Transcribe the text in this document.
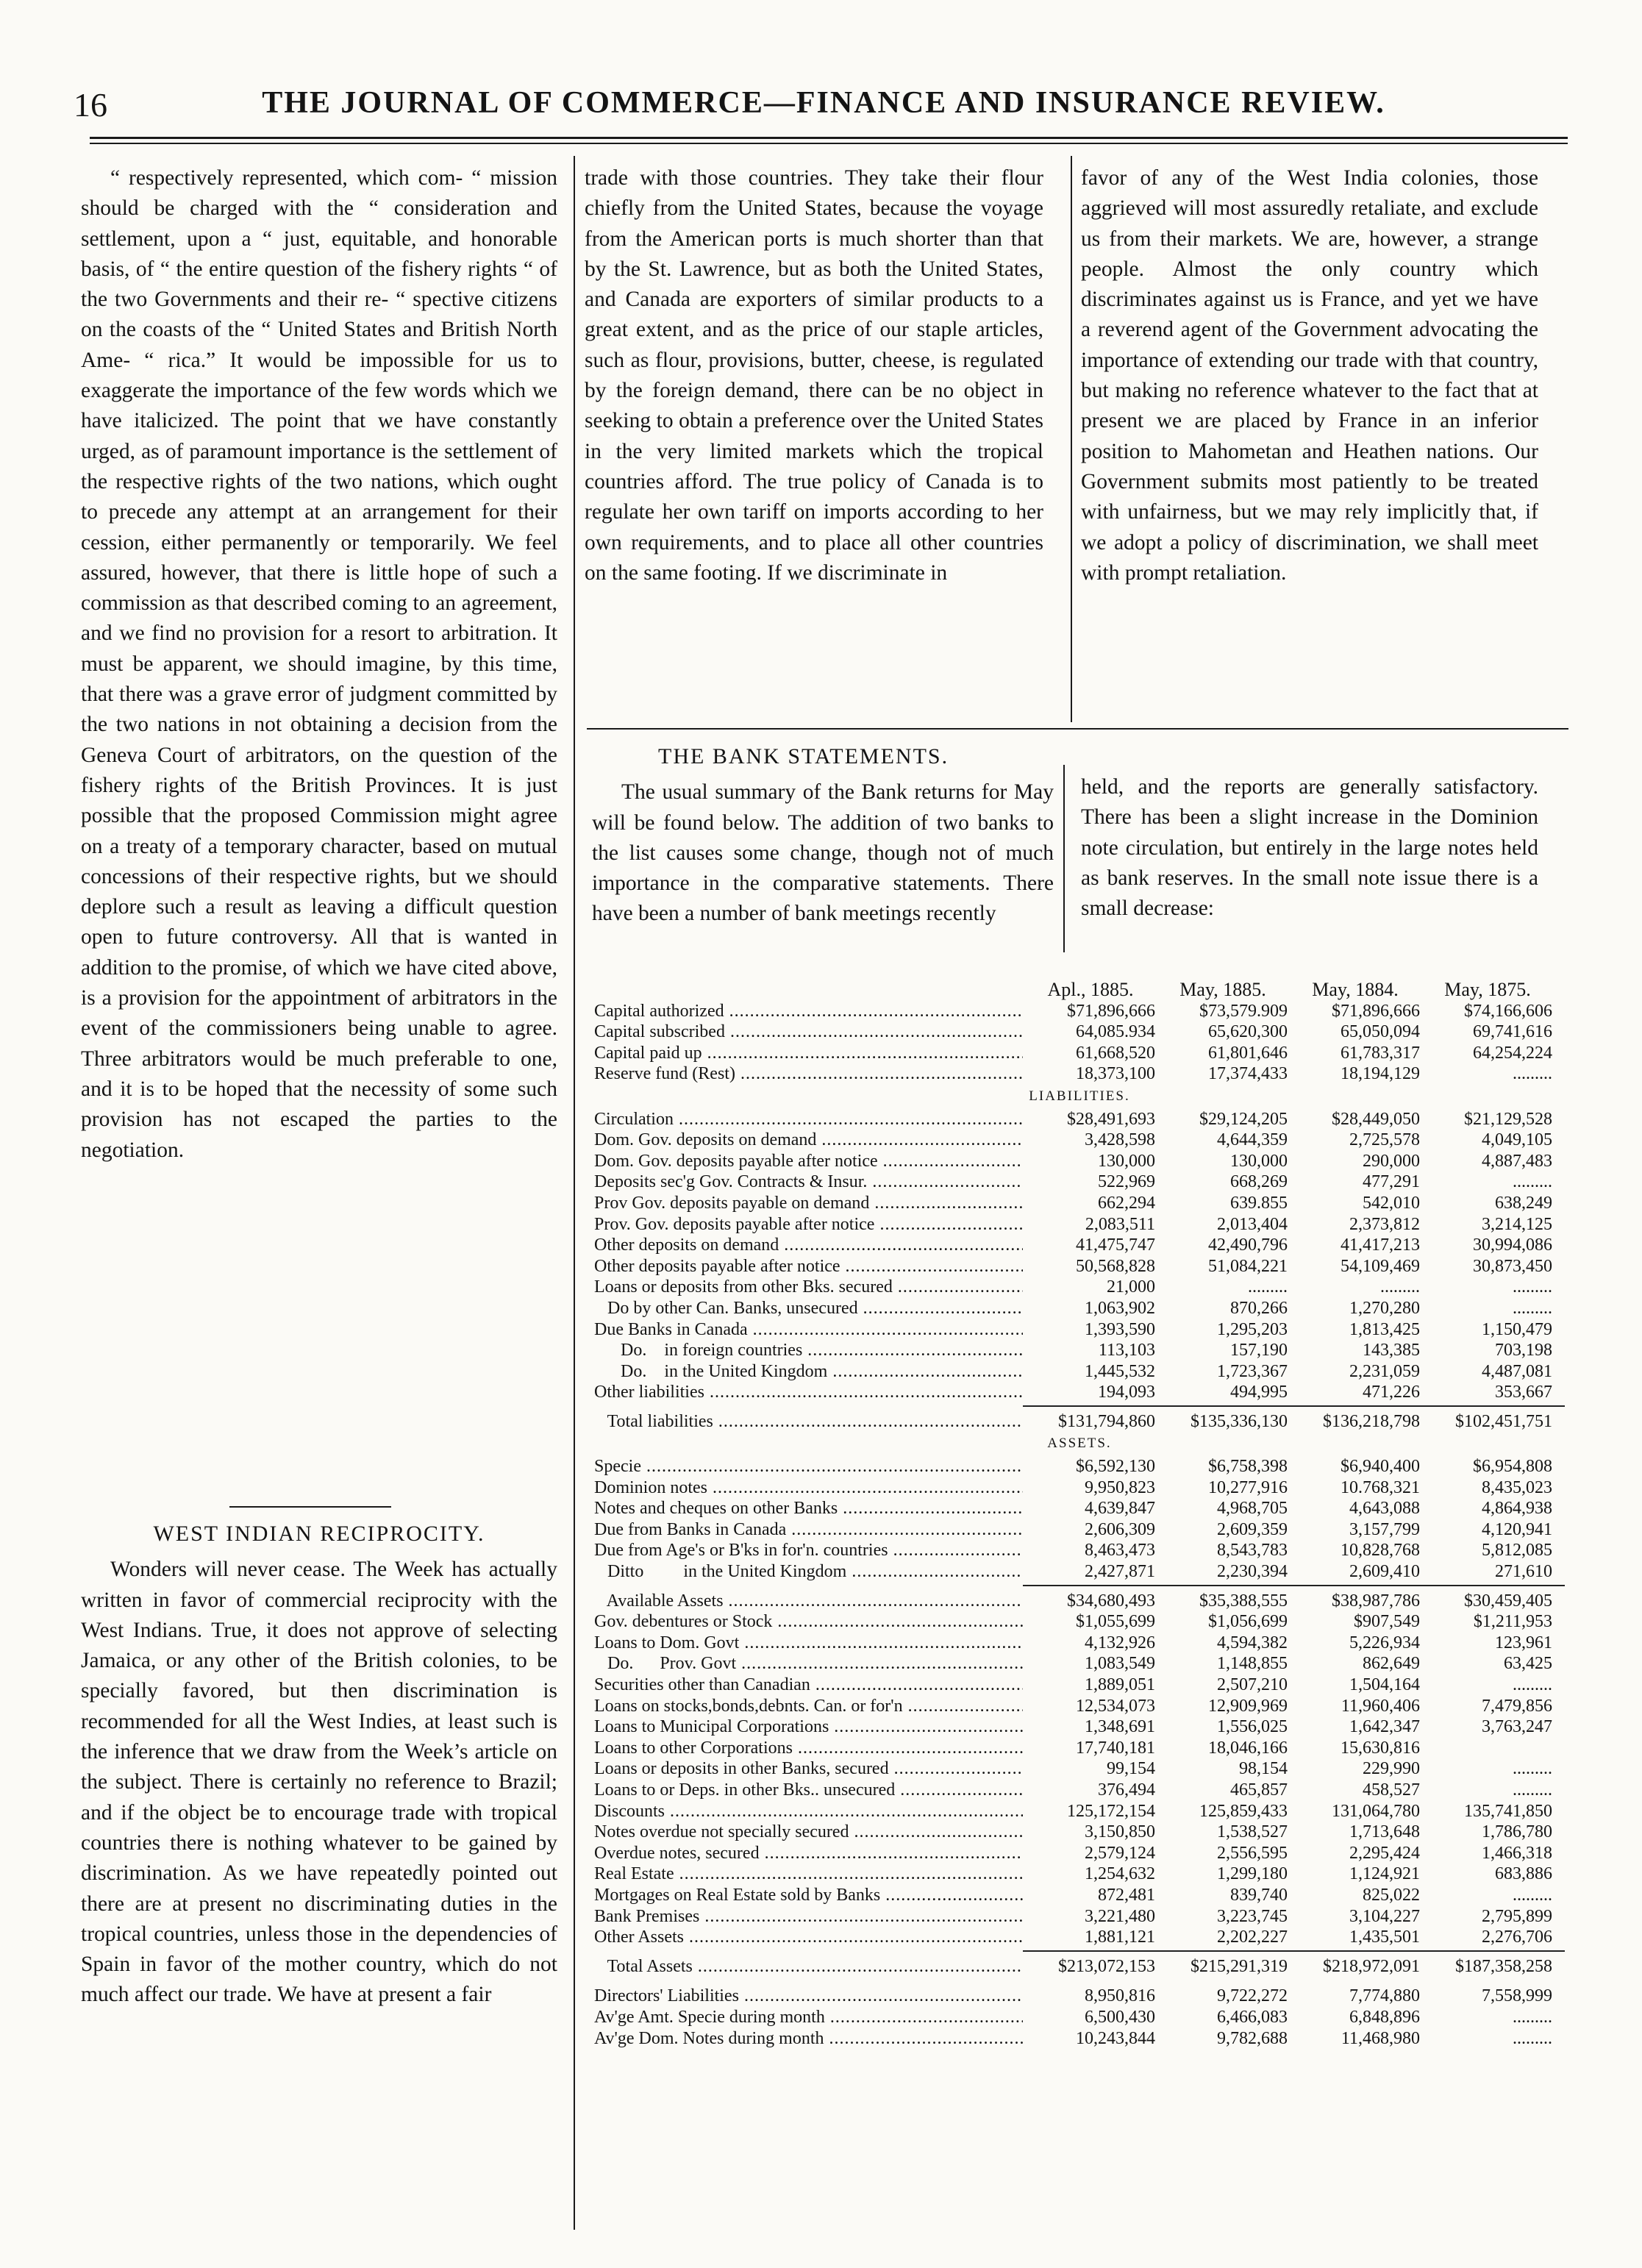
16	THE JOURNAL OF COMMERCE—FINANCE AND INSURANCE REVIEW.

“ respectively represented, which com- “ mission should be charged with the “ consideration and settlement, upon a “ just, equitable, and honorable basis, of “ the entire question of the fishery rights “ of the two Governments and their re- “ spective citizens on the coasts of the “ United States and British North Ame- “ rica.” It would be impossible for us to exaggerate the importance of the few words which we have italicized. The point that we have constantly urged, as of paramount importance is the settlement of the respective rights of the two nations, which ought to precede any attempt at an arrangement for their cession, either permanently or temporarily. We feel assured, however, that there is little hope of such a commission as that described coming to an agreement, and we find no provision for a resort to arbitration. It must be apparent, we should imagine, by this time, that there was a grave error of judgment committed by the two nations in not obtaining a decision from the Geneva Court of arbitrators, on the question of the fishery rights of the British Provinces. It is just possible that the proposed Commission might agree on a treaty of a temporary character, based on mutual concessions of their respective rights, but we should deplore such a result as leaving a difficult question open to future controversy. All that is wanted in addition to the promise, of which we have cited above, is a provision for the appointment of arbitrators in the event of the commissioners being unable to agree. Three arbitrators would be much preferable to one, and it is to be hoped that the necessity of some such provision has not escaped the parties to the negotiation.

WEST INDIAN RECIPROCITY.

Wonders will never cease. The Week has actually written in favor of commercial reciprocity with the West Indians. True, it does not approve of selecting Jamaica, or any other of the British colonies, to be specially favored, but then discrimination is recommended for all the West Indies, at least such is the inference that we draw from the Week’s article on the subject. There is certainly no reference to Brazil; and if the object be to encourage trade with tropical countries there is nothing whatever to be gained by discrimination. As we have repeatedly pointed out there are at present no discriminating duties in the tropical countries, unless those in the dependencies of Spain in favor of the mother country, which do not much affect our trade. We have at present a fair

trade with those countries. They take their flour chiefly from the United States, because the voyage from the American ports is much shorter than that by the St. Lawrence, but as both the United States, and Canada are exporters of similar products to a great extent, and as the price of our staple articles, such as flour, provisions, butter, cheese, is regulated by the foreign demand, there can be no object in seeking to obtain a preference over the United States in the very limited markets which the tropical countries afford. The true policy of Canada is to regulate her own tariff on imports according to her own requirements, and to place all other countries on the same footing. If we discriminate in

favor of any of the West India colonies, those aggrieved will most assuredly retaliate, and exclude us from their markets. We are, however, a strange people. Almost the only country which discriminates against us is France, and yet we have a reverend agent of the Government advocating the importance of extending our trade with that country, but making no reference whatever to the fact that at present we are placed by France in an inferior position to Mahometan and Heathen nations. Our Government submits most patiently to be treated with unfairness, but we may rely implicitly that, if we adopt a policy of discrimination, we shall meet with prompt retaliation.

THE BANK STATEMENTS.

The usual summary of the Bank returns for May will be found below. The addition of two banks to the list causes some change, though not of much importance in the comparative statements. There have been a number of bank meetings recently

held, and the reports are generally satisfactory. There has been a slight increase in the Dominion note circulation, but entirely in the large notes held as bank reserves. In the small note issue there is a small decrease:

Apl., 1885.	May, 1885.	May, 1884.	May, 1875.
Capital authorized .....	$71,896,666	$73,579.909	$71,896,666	$74,166,606
Capital subscribed .....	64,085.934	65,620,300	65,050,094	69,741,616
Capital paid up .....	61,668,520	61,801,646	61,783,317	64,254,224
Reserve fund (Rest) .....	18,373,100	17,374,433	18,194,129	.........
LIABILITIES.
Circulation .....	$28,491,693	$29,124,205	$28,449,050	$21,129,528
Dom. Gov. deposits on demand .....	3,428,598	4,644,359	2,725,578	4,049,105
Dom. Gov. deposits payable after notice .....	130,000	130,000	290,000	4,887,483
Deposits sec'g Gov. Contracts & Insur. .....	522,969	668,269	477,291	.........
Prov Gov. deposits payable on demand .....	662,294	639.855	542,010	638,249
Prov. Gov. deposits payable after notice .....	2,083,511	2,013,404	2,373,812	3,214,125
Other deposits on demand .....	41,475,747	42,490,796	41,417,213	30,994,086
Other deposits payable after notice .....	50,568,828	51,084,221	54,109,469	30,873,450
Loans or deposits from other Bks. secured .....	21,000	.........	.........	.........
Do by other Can. Banks, unsecured .....	1,063,902	870,266	1,270,280	.........
Due Banks in Canada .....	1,393,590	1,295,203	1,813,425	1,150,479
Do.    in foreign countries .....	113,103	157,190	143,385	703,198
Do.    in the United Kingdom .....	1,445,532	1,723,367	2,231,059	4,487,081
Other liabilities .....	194,093	494,995	471,226	353,667
Total liabilities .....	$131,794,860	$135,336,130	$136,218,798	$102,451,751
ASSETS.
Specie .....	$6,592,130	$6,758,398	$6,940,400	$6,954,808
Dominion notes .....	9,950,823	10,277,916	10.768,321	8,435,023
Notes and cheques on other Banks .....	4,639,847	4,968,705	4,643,088	4,864,938
Due from Banks in Canada .....	2,606,309	2,609,359	3,157,799	4,120,941
Due from Age's or B'ks in for'n. countries .....	8,463,473	8,543,783	10,828,768	5,812,085
Ditto         in the United Kingdom .....	2,427,871	2,230,394	2,609,410	271,610
Available Assets .....	$34,680,493	$35,388,555	$38,987,786	$30,459,405
Gov. debentures or Stock .....	$1,055,699	$1,056,699	$907,549	$1,211,953
Loans to Dom. Govt .....	4,132,926	4,594,382	5,226,934	123,961
Do.      Prov. Govt .....	1,083,549	1,148,855	862,649	63,425
Securities other than Canadian .....	1,889,051	2,507,210	1,504,164	.........
Loans on stocks,bonds,debnts. Can. or for'n .....	12,534,073	12,909,969	11,960,406	7,479,856
Loans to Municipal Corporations .....	1,348,691	1,556,025	1,642,347	3,763,247
Loans to other Corporations .....	17,740,181	18,046,166	15,630,816
Loans or deposits in other Banks, secured .....	99,154	98,154	229,990	.........
Loans to or Deps. in other Bks.. unsecured .....	376,494	465,857	458,527	.........
Discounts .....	125,172,154	125,859,433	131,064,780	135,741,850
Notes overdue not specially secured .....	3,150,850	1,538,527	1,713,648	1,786,780
Overdue notes, secured .....	2,579,124	2,556,595	2,295,424	1,466,318
Real Estate .....	1,254,632	1,299,180	1,124,921	683,886
Mortgages on Real Estate sold by Banks .....	872,481	839,740	825,022	.........
Bank Premises .....	3,221,480	3,223,745	3,104,227	2,795,899
Other Assets .....	1,881,121	2,202,227	1,435,501	2,276,706
Total Assets .....	$213,072,153	$215,291,319	$218,972,091	$187,358,258
Directors' Liabilities .....	8,950,816	9,722,272	7,774,880	7,558,999
Av'ge Amt. Specie during month .....	6,500,430	6,466,083	6,848,896	.........
Av'ge Dom. Notes during month .....	10,243,844	9,782,688	11,468,980	.........
